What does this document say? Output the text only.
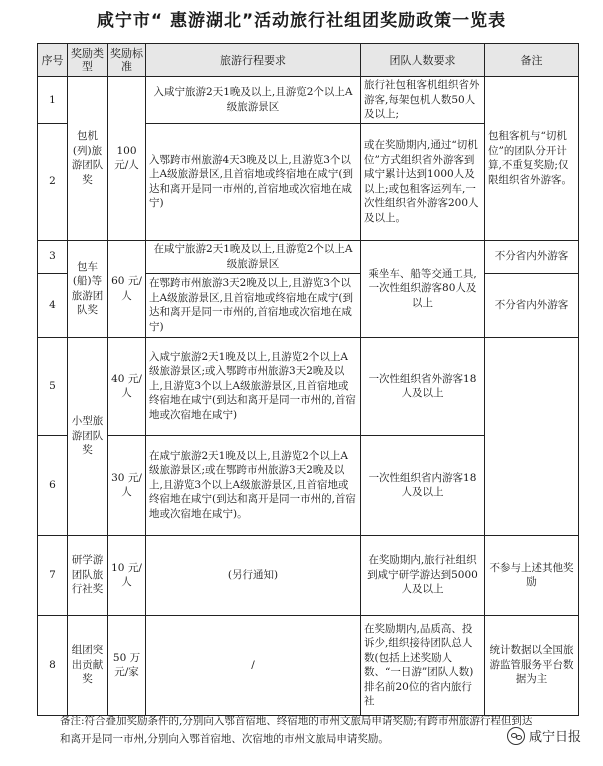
咸宁市“ 惠游湖北”活动旅行社组团奖励政策一览表
序号	奖励类型	奖励标准	旅游行程要求	团队人数要求	备注
1	包机(列)旅游团队奖	100 元/人	入咸宁旅游2天1晚及以上,且游览2个以上A级旅游景区	旅行社包租客机组织省外游客,每架包机人数50人及以上;	包租客机与“切机位”的团队分开计算,不重复奖励;仅限组织省外游客。
2			入鄂跨市州旅游4天3晚及以上,且游览3个以上A级旅游景区,且首宿地或终宿地在咸宁(到达和离开是同一市州的,首宿地或次宿地在咸宁)	或在奖励期内,通过“切机位”方式组织省外游客到咸宁累计达到1000人及以上;或包租客运列车,一次性组织省外游客200人及以上。	
3	包车(船)等旅游团队奖	60 元/人	在咸宁旅游2天1晚及以上,且游览2个以上A级旅游景区	乘坐车、船等交通工具,一次性组织游客80人及以上	不分省内外游客
4			在鄂跨市州旅游3天2晚及以上,且游览3个以上A级旅游景区,且首宿地或终宿地在咸宁(到达和离开是同一市州的,首宿地或次宿地在咸宁)		不分省内外游客
5	小型旅游团队奖	40 元/人	入咸宁旅游2天1晚及以上,且游览2个以上A级旅游景区;或入鄂跨市州旅游3天2晚及以上,且游览3个以上A级旅游景区,且首宿地或终宿地在咸宁(到达和离开是同一市州的,首宿地或次宿地在咸宁)	一次性组织省外游客18人及以上	
6		30 元/人	在咸宁旅游2天1晚及以上,且游览2个以上A级旅游景区;或在鄂跨市州旅游3天2晚及以上,且游览3个以上A级旅游景区,且首宿地或终宿地在咸宁(到达和离开是同一市州的,首宿地或次宿地在咸宁)。	一次性组织省内游客18人及以上	
7	研学游团队旅行社奖	10 元/人	(另行通知)	在奖励期内,旅行社组织到咸宁研学游达到5000人及以上	不参与上述其他奖励
8	组团突出贡献奖	50 万元/家	/	在奖励期内,品质高、投诉少,组织接待团队总人数(包括上述奖励人数、“一日游”团队人数)排名前20位的省内旅行社	统计数据以全国旅游监管服务平台数据为主
备注:符合叠加奖励条件的,分别向入鄂首宿地、终宿地的市州文旅局申请奖励;有跨市州旅游行程但到达和离开是同一市州,分别向入鄂首宿地、次宿地的市州文旅局申请奖励。	咸宁日报
